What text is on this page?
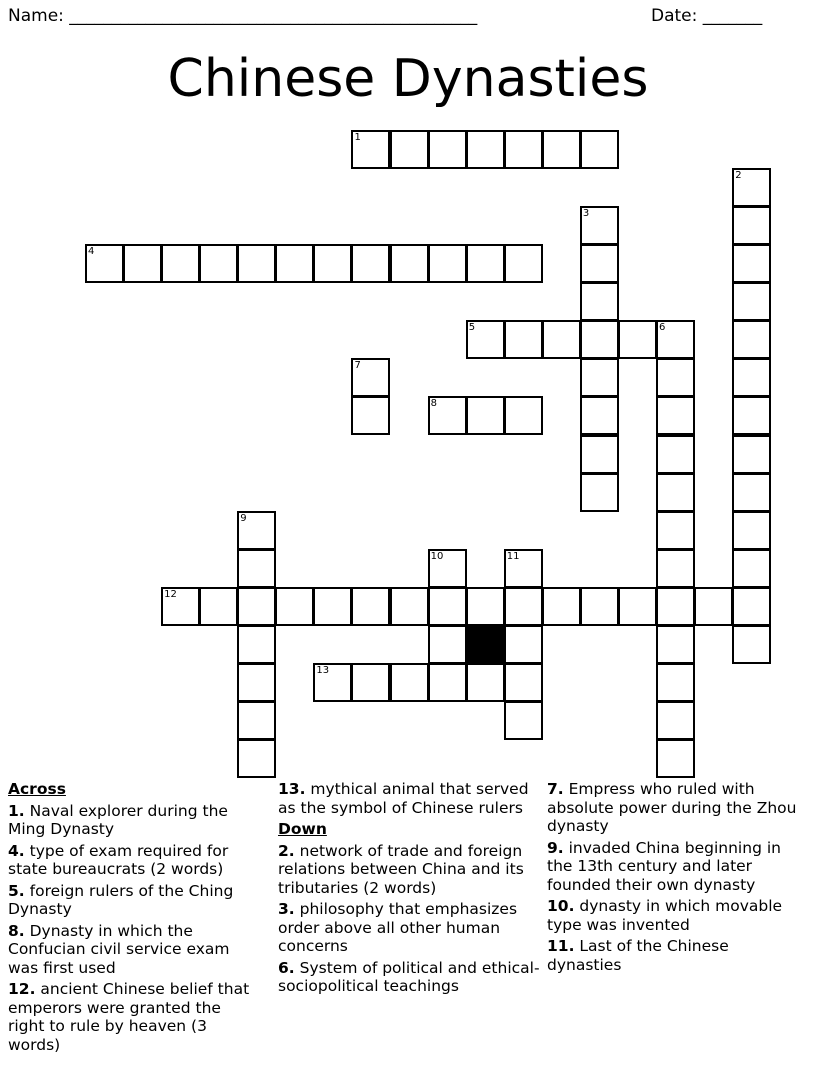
Name: ________________________________________________	Date: _______
Chinese Dynasties
1
2
3
4
5	6
7
8
9
10	11
12
13
Across
1. Naval explorer during the Ming Dynasty
4. type of exam required for state bureaucrats (2 words)
5. foreign rulers of the Ching Dynasty
8. Dynasty in which the Confucian civil service exam was first used
12. ancient Chinese belief that emperors were granted the right to rule by heaven (3 words)
13. mythical animal that served as the symbol of Chinese rulers
Down
2. network of trade and foreign relations between China and its tributaries (2 words)
3. philosophy that emphasizes order above all other human concerns
6. System of political and ethical-sociopolitical teachings
7. Empress who ruled with absolute power during the Zhou dynasty
9. invaded China beginning in the 13th century and later founded their own dynasty
10. dynasty in which movable type was invented
11. Last of the Chinese dynasties
